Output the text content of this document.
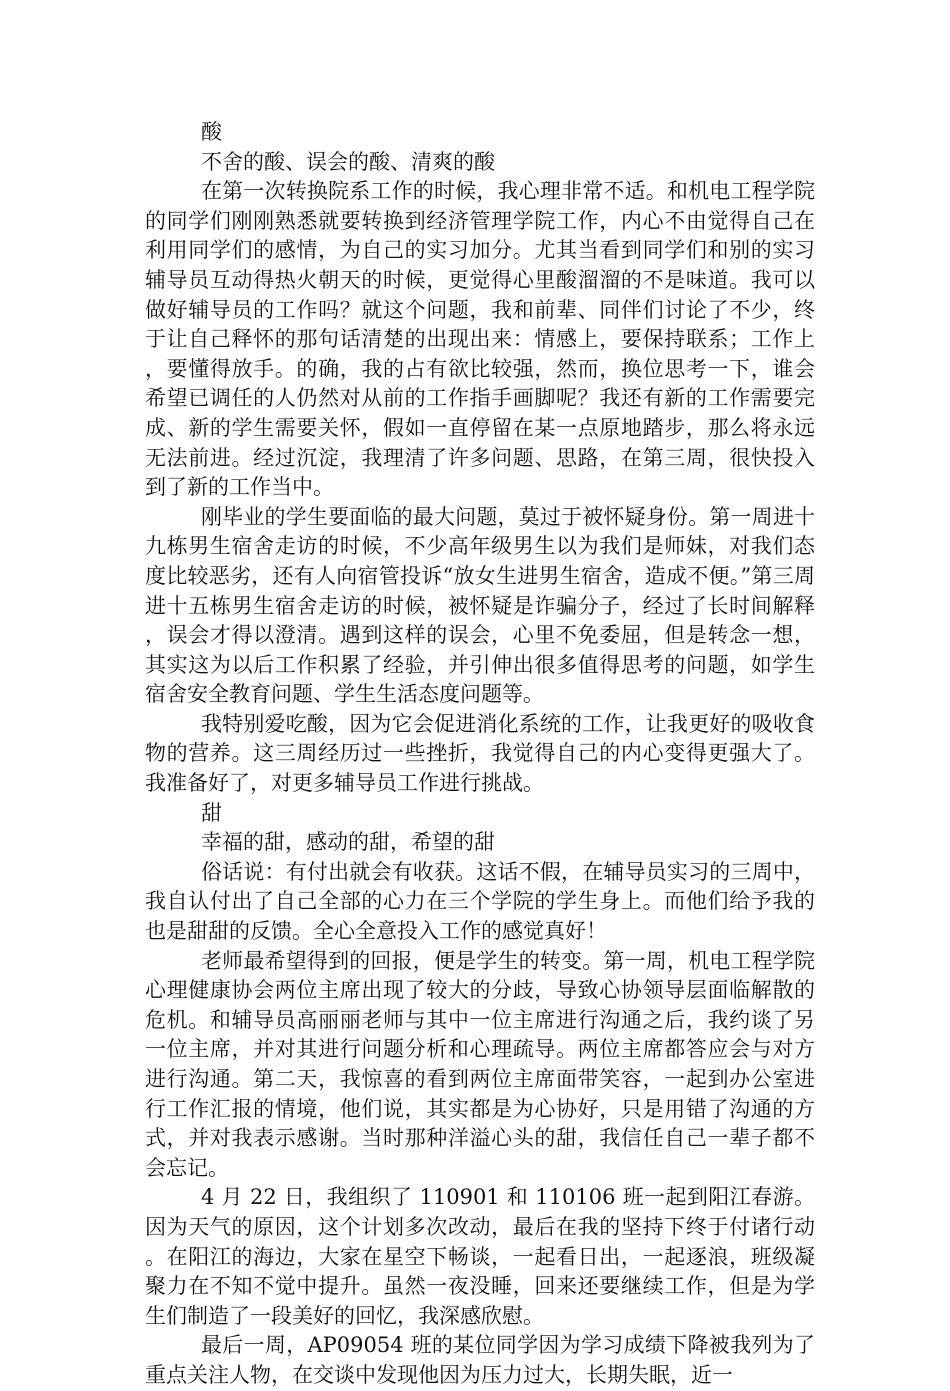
酸

不舍的酸、误会的酸、清爽的酸

在第一次转换院系工作的时候，我心理非常不适。和机电工程学院的同学们刚刚熟悉就要转换到经济管理学院工作，内心不由觉得自己在利用同学们的感情，为自己的实习加分。尤其当看到同学们和别的实习辅导员互动得热火朝天的时候，更觉得心里酸溜溜的不是味道。我可以做好辅导员的工作吗？就这个问题，我和前辈、同伴们讨论了不少，终于让自己释怀的那句话清楚的出现出来：情感上，要保持联系；工作上，要懂得放手。的确，我的占有欲比较强，然而，换位思考一下，谁会希望已调任的人仍然对从前的工作指手画脚呢？我还有新的工作需要完成、新的学生需要关怀，假如一直停留在某一点原地踏步，那么将永远无法前进。经过沉淀，我理清了许多问题、思路，在第三周，很快投入到了新的工作当中。

刚毕业的学生要面临的最大问题，莫过于被怀疑身份。第一周进十九栋男生宿舍走访的时候，不少高年级男生以为我们是师妹，对我们态度比较恶劣，还有人向宿管投诉“放女生进男生宿舍，造成不便。”第三周进十五栋男生宿舍走访的时候，被怀疑是诈骗分子，经过了长时间解释，误会才得以澄清。遇到这样的误会，心里不免委屈，但是转念一想，其实这为以后工作积累了经验，并引伸出很多值得思考的问题，如学生宿舍安全教育问题、学生生活态度问题等。

我特别爱吃酸，因为它会促进消化系统的工作，让我更好的吸收食物的营养。这三周经历过一些挫折，我觉得自己的内心变得更强大了。我准备好了，对更多辅导员工作进行挑战。

甜

幸福的甜，感动的甜，希望的甜

俗话说：有付出就会有收获。这话不假，在辅导员实习的三周中，我自认付出了自己全部的心力在三个学院的学生身上。而他们给予我的也是甜甜的反馈。全心全意投入工作的感觉真好！

老师最希望得到的回报，便是学生的转变。第一周，机电工程学院心理健康协会两位主席出现了较大的分歧，导致心协领导层面临解散的危机。和辅导员高丽丽老师与其中一位主席进行沟通之后，我约谈了另一位主席，并对其进行问题分析和心理疏导。两位主席都答应会与对方进行沟通。第二天，我惊喜的看到两位主席面带笑容，一起到办公室进行工作汇报的情境，他们说，其实都是为心协好，只是用错了沟通的方式，并对我表示感谢。当时那种洋溢心头的甜，我信任自己一辈子都不会忘记。

4 月 22 日，我组织了 110901 和 110106 班一起到阳江春游。因为天气的原因，这个计划多次改动，最后在我的坚持下终于付诸行动。在阳江的海边，大家在星空下畅谈，一起看日出，一起逐浪，班级凝聚力在不知不觉中提升。虽然一夜没睡，回来还要继续工作，但是为学生们制造了一段美好的回忆，我深感欣慰。

最后一周，AP09054 班的某位同学因为学习成绩下降被我列为了重点关注人物，在交谈中发现他因为压力过大，长期失眠，近一
